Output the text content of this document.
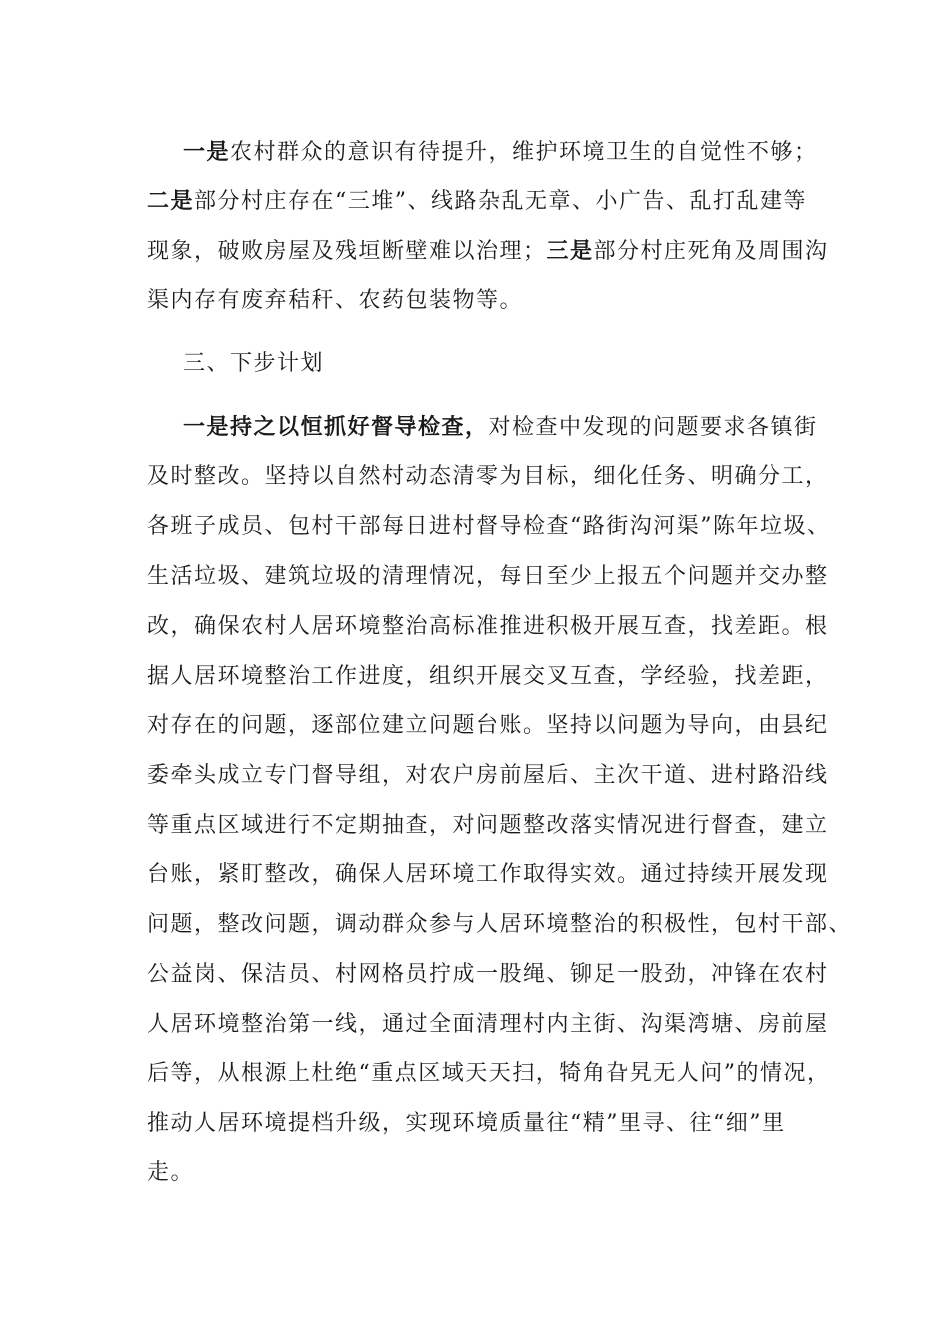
一是农村群众的意识有待提升，维护环境卫生的自觉性不够；
二是部分村庄存在“三堆”、线路杂乱无章、小广告、乱打乱建等
现象，破败房屋及残垣断壁难以治理；三是部分村庄死角及周围沟
渠内存有废弃秸秆、农药包装物等。
三、下步计划
一是持之以恒抓好督导检查，对检查中发现的问题要求各镇街
及时整改。坚持以自然村动态清零为目标，细化任务、明确分工，
各班子成员、包村干部每日进村督导检查“路街沟河渠”陈年垃圾、
生活垃圾、建筑垃圾的清理情况，每日至少上报五个问题并交办整
改，确保农村人居环境整治高标准推进积极开展互查，找差距。根
据人居环境整治工作进度，组织开展交叉互查，学经验，找差距，
对存在的问题，逐部位建立问题台账。坚持以问题为导向，由县纪
委牵头成立专门督导组，对农户房前屋后、主次干道、进村路沿线
等重点区域进行不定期抽查，对问题整改落实情况进行督查，建立
台账，紧盯整改，确保人居环境工作取得实效。通过持续开展发现
问题，整改问题，调动群众参与人居环境整治的积极性，包村干部、
公益岗、保洁员、村网格员拧成一股绳、铆足一股劲，冲锋在农村
人居环境整治第一线，通过全面清理村内主街、沟渠湾塘、房前屋
后等，从根源上杜绝“重点区域天天扫，犄角旮旯无人问”的情况，
推动人居环境提档升级，实现环境质量往“精”里寻、往“细”里
走。
